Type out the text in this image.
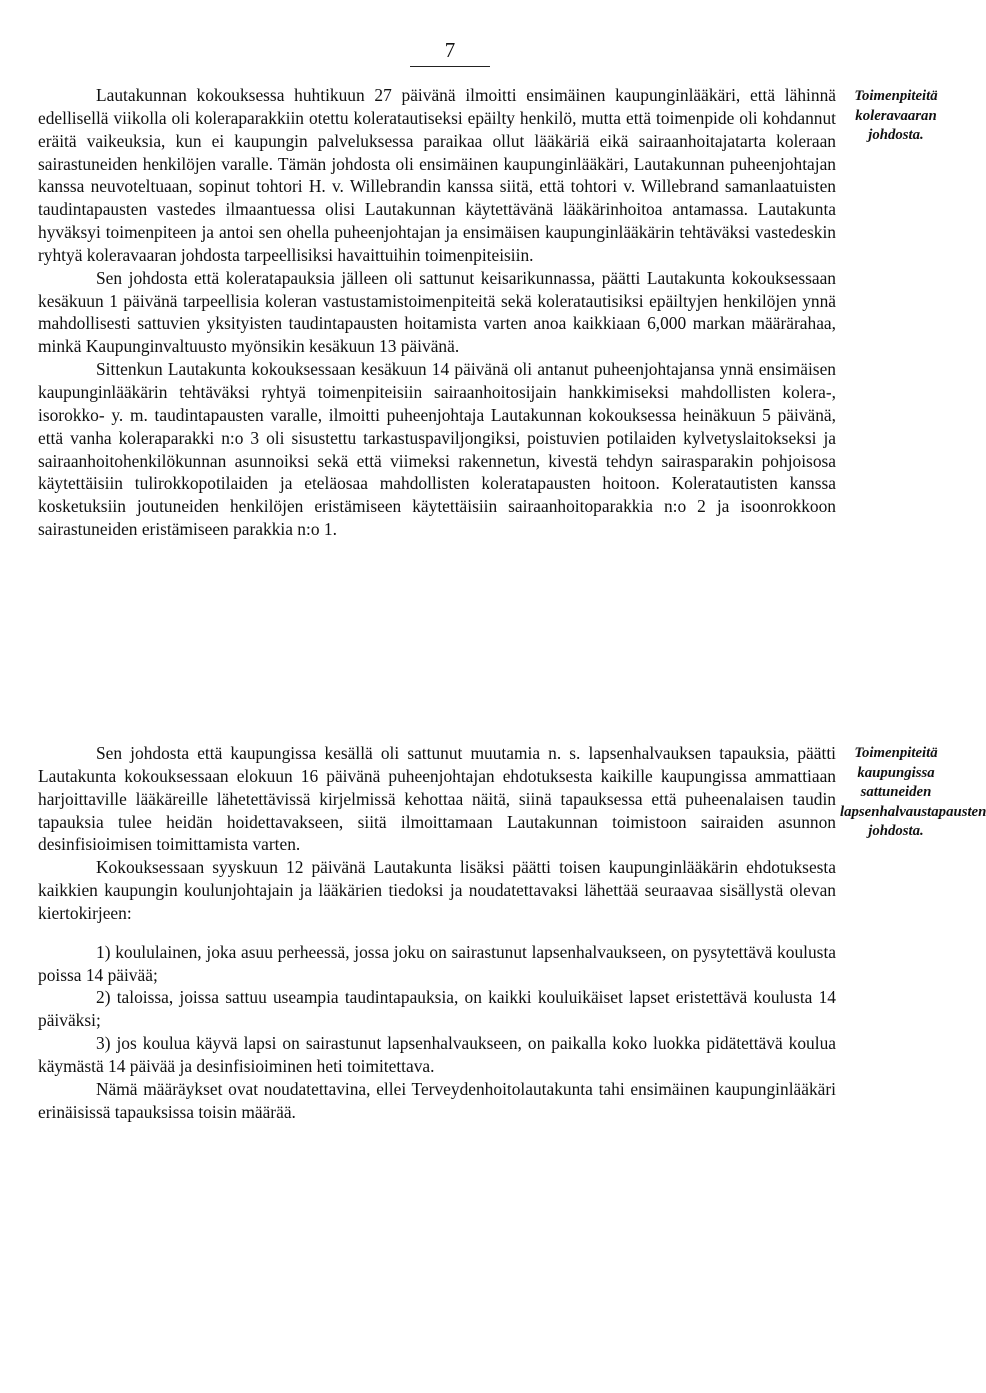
7

Lautakunnan kokouksessa huhtikuun 27 päivänä ilmoitti ensimäinen kaupunginlääkäri, että lähinnä edellisellä viikolla oli koleraparakkiin otettu koleratautiseksi epäilty henkilö, mutta että toimenpide oli kohdannut eräitä vaikeuksia, kun ei kaupungin palveluksessa paraikaa ollut lääkäriä eikä sairaanhoitajatarta koleraan sairastuneiden henkilöjen varalle. Tämän johdosta oli ensimäinen kaupunginlääkäri, Lautakunnan puheenjohtajan kanssa neuvoteltuaan, sopinut tohtori H. v. Willebrandin kanssa siitä, että tohtori v. Willebrand samanlaatuisten taudintapausten vastedes ilmaantuessa olisi Lautakunnan käytettävänä lääkärinhoitoa antamassa. Lautakunta hyväksyi toimenpiteen ja antoi sen ohella puheenjohtajan ja ensimäisen kaupunginlääkärin tehtäväksi vastedeskin ryhtyä koleravaaran johdosta tarpeellisiksi havaittuihin toimenpiteisiin.

Sen johdosta että koleratapauksia jälleen oli sattunut keisarikunnassa, päätti Lautakunta kokouksessaan kesäkuun 1 päivänä tarpeellisia koleran vastustamistoimenpiteitä sekä koleratautisiksi epäiltyjen henkilöjen ynnä mahdollisesti sattuvien yksityisten taudintapausten hoitamista varten anoa kaikkiaan 6,000 markan määrärahaa, minkä Kaupunginvaltuusto myönsikin kesäkuun 13 päivänä.

Sittenkun Lautakunta kokouksessaan kesäkuun 14 päivänä oli antanut puheenjohtajansa ynnä ensimäisen kaupunginlääkärin tehtäväksi ryhtyä toimenpiteisiin sairaanhoitosijain hankkimiseksi mahdollisten kolera-, isorokko- y. m. taudintapausten varalle, ilmoitti puheenjohtaja Lautakunnan kokouksessa heinäkuun 5 päivänä, että vanha koleraparakki n:o 3 oli sisustettu tarkastuspaviljongiksi, poistuvien potilaiden kylvetyslaitokseksi ja sairaanhoitohenkilökunnan asunnoiksi sekä että viimeksi rakennetun, kivestä tehdyn sairasparakin pohjoisosa käytettäisiin tulirokkopotilaiden ja eteläosaa mahdollisten koleratapausten hoitoon. Koleratautisten kanssa kosketuksiin joutuneiden henkilöjen eristämiseen käytettäisiin sairaanhoitoparakkia n:o 2 ja isoonrokkoon sairastuneiden eristämiseen parakkia n:o 1.

Toimenpiteitä koleravaaran johdosta.

Sen johdosta että kaupungissa kesällä oli sattunut muutamia n. s. lapsenhalvauksen tapauksia, päätti Lautakunta kokouksessaan elokuun 16 päivänä puheenjohtajan ehdotuksesta kaikille kaupungissa ammattiaan harjoittaville lääkäreille lähetettävissä kirjelmissä kehottaa näitä, siinä tapauksessa että puheenalaisen taudin tapauksia tulee heidän hoidettavakseen, siitä ilmoittamaan Lautakunnan toimistoon sairaiden asunnon desinfisioimisen toimittamista varten.

Kokouksessaan syyskuun 12 päivänä Lautakunta lisäksi päätti toisen kaupunginlääkärin ehdotuksesta kaikkien kaupungin koulunjohtajain ja lääkärien tiedoksi ja noudatettavaksi lähettää seuraavaa sisällystä olevan kiertokirjeen:

1) koululainen, joka asuu perheessä, jossa joku on sairastunut lapsenhalvaukseen, on pysytettävä koulusta poissa 14 päivää;

2) taloissa, joissa sattuu useampia taudintapauksia, on kaikki kouluikäiset lapset eristettävä koulusta 14 päiväksi;

3) jos koulua käyvä lapsi on sairastunut lapsenhalvaukseen, on paikalla koko luokka pidätettävä koulua käymästä 14 päivää ja desinfisioiminen heti toimitettava.

Nämä määräykset ovat noudatettavina, ellei Terveydenhoitolautakunta tahi ensimäinen kaupunginlääkäri erinäisissä tapauksissa toisin määrää.

Toimenpiteitä kaupungissa sattuneiden lapsenhalvaustapausten johdosta.
